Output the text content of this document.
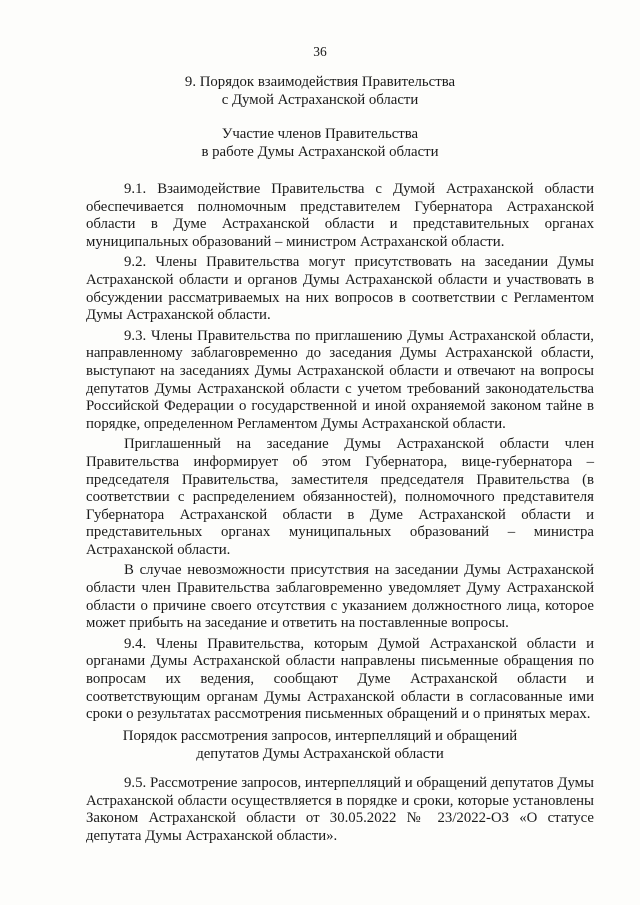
36
9. Порядок взаимодействия Правительства
с Думой Астраханской области
Участие членов Правительства
в работе Думы Астраханской области

9.1. Взаимодействие Правительства с Думой Астраханской области обеспечивается полномочным представителем Губернатора Астраханской области в Думе Астраханской области и представительных органах муниципальных образований – министром Астраханской области.

9.2. Члены Правительства могут присутствовать на заседании Думы Астраханской области и органов Думы Астраханской области и участвовать в обсуждении рассматриваемых на них вопросов в соответствии с Регламентом Думы Астраханской области.

9.3. Члены Правительства по приглашению Думы Астраханской области, направленному заблаговременно до заседания Думы Астраханской области, выступают на заседаниях Думы Астраханской области и отвечают на вопросы депутатов Думы Астраханской области с учетом требований законодательства Российской Федерации о государственной и иной охраняемой законом тайне в порядке, определенном Регламентом Думы Астраханской области.

Приглашенный на заседание Думы Астраханской области член Правительства информирует об этом Губернатора, вице-губернатора – председателя Правительства, заместителя председателя Правительства (в соответствии с распределением обязанностей), полномочного представителя Губернатора Астраханской области в Думе Астраханской области и представительных органах муниципальных образований – министра Астраханской области.

В случае невозможности присутствия на заседании Думы Астраханской области член Правительства заблаговременно уведомляет Думу Астраханской области о причине своего отсутствия с указанием должностного лица, которое может прибыть на заседание и ответить на поставленные вопросы.

9.4. Члены Правительства, которым Думой Астраханской области и органами Думы Астраханской области направлены письменные обращения по вопросам их ведения, сообщают Думе Астраханской области и соответствующим органам Думы Астраханской области в согласованные ими сроки о результатах рассмотрения письменных обращений и о принятых мерах.

Порядок рассмотрения запросов, интерпелляций и обращений
депутатов Думы Астраханской области

9.5. Рассмотрение запросов, интерпелляций и обращений депутатов Думы Астраханской области осуществляется в порядке и сроки, которые установлены Законом Астраханской области от 30.05.2022 № 23/2022-ОЗ «О статусе депутата Думы Астраханской области».
